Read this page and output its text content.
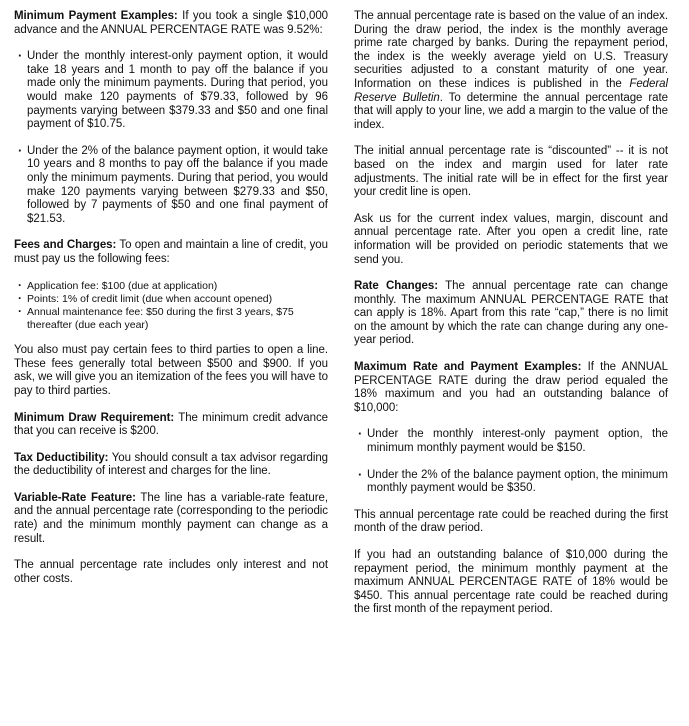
Minimum Payment Examples: If you took a single $10,000 advance and the ANNUAL PERCENTAGE RATE was 9.52%:

· Under the monthly interest-only payment option, it would take 18 years and 1 month to pay off the balance if you made only the minimum payments. During that period, you would make 120 payments of $79.33, followed by 96 payments varying between $379.33 and $50 and one final payment of $10.75.
· Under the 2% of the balance payment option, it would take 10 years and 8 months to pay off the balance if you made only the minimum payments. During that period, you would make 120 payments varying between $279.33 and $50, followed by 7 payments of $50 and one final payment of $21.53.

Fees and Charges: To open and maintain a line of credit, you must pay us the following fees:

· Application fee: $100 (due at application)
· Points: 1% of credit limit (due when account opened)
· Annual maintenance fee: $50 during the first 3 years, $75 thereafter (due each year)

You also must pay certain fees to third parties to open a line. These fees generally total between $500 and $900. If you ask, we will give you an itemization of the fees you will have to pay to third parties.

Minimum Draw Requirement: The minimum credit advance that you can receive is $200.

Tax Deductibility: You should consult a tax advisor regarding the deductibility of interest and charges for the line.

Variable-Rate Feature: The line has a variable-rate feature, and the annual percentage rate (corresponding to the periodic rate) and the minimum monthly payment can change as a result.

The annual percentage rate includes only interest and not other costs.

The annual percentage rate is based on the value of an index. During the draw period, the index is the monthly average prime rate charged by banks. During the repayment period, the index is the weekly average yield on U.S. Treasury securities adjusted to a constant maturity of one year. Information on these indices is published in the Federal Reserve Bulletin. To determine the annual percentage rate that will apply to your line, we add a margin to the value of the index.

The initial annual percentage rate is “discounted” -- it is not based on the index and margin used for later rate adjustments. The initial rate will be in effect for the first year your credit line is open.

Ask us for the current index values, margin, discount and annual percentage rate. After you open a credit line, rate information will be provided on periodic statements that we send you.

Rate Changes: The annual percentage rate can change monthly. The maximum ANNUAL PERCENTAGE RATE that can apply is 18%. Apart from this rate “cap,” there is no limit on the amount by which the rate can change during any one-year period.

Maximum Rate and Payment Examples: If the ANNUAL PERCENTAGE RATE during the draw period equaled the 18% maximum and you had an outstanding balance of $10,000:

· Under the monthly interest-only payment option, the minimum monthly payment would be $150.
· Under the 2% of the balance payment option, the minimum monthly payment would be $350.

This annual percentage rate could be reached during the first month of the draw period.

If you had an outstanding balance of $10,000 during the repayment period, the minimum monthly payment at the maximum ANNUAL PERCENTAGE RATE of 18% would be $450. This annual percentage rate could be reached during the first month of the repayment period.
